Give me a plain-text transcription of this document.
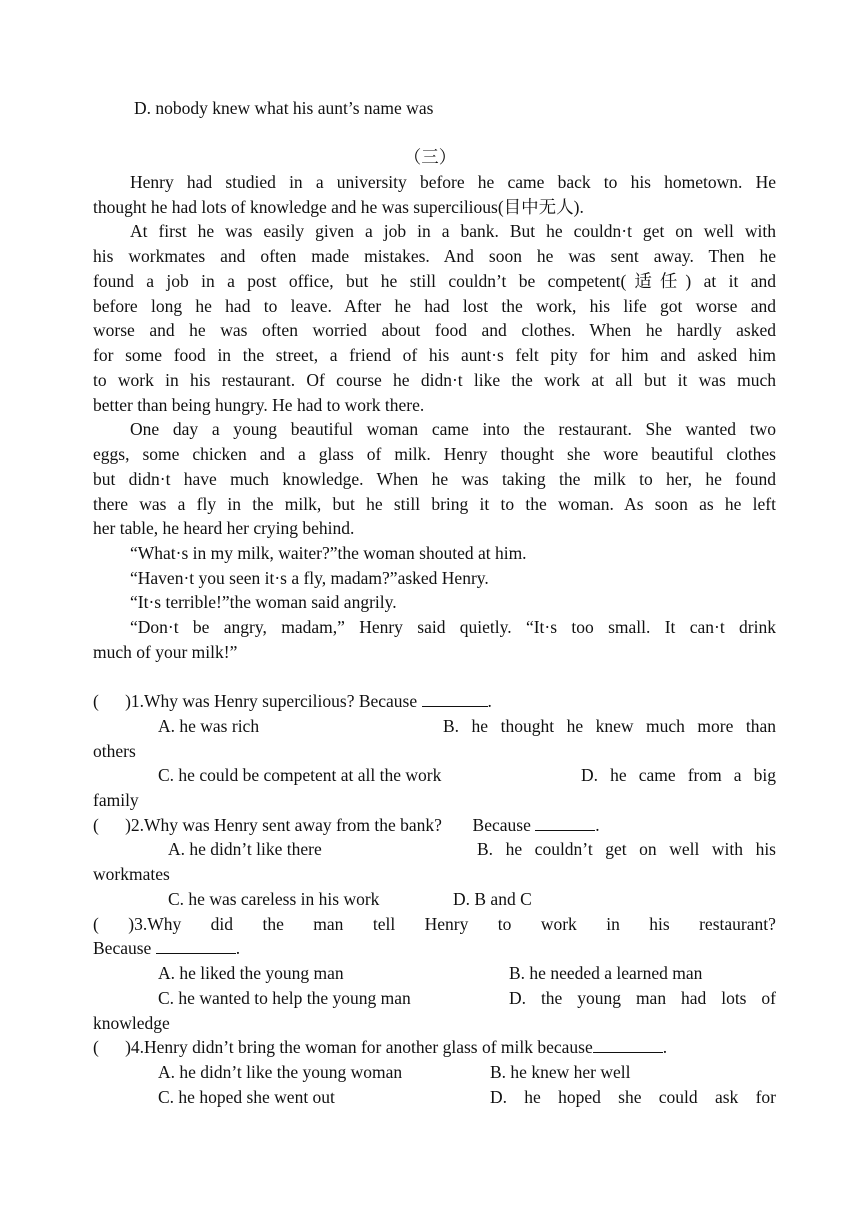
D. nobody knew what his aunt’s name was
（三）
Henry had studied in a university before he came back to his hometown. He
thought he had lots of knowledge and he was supercilious(目中无人).
At first he was easily given a job in a bank. But he couldn·t get on well with
his workmates and often made mistakes. And soon he was sent away. Then he
found a job in a post office, but he still couldn’t be competent(适任) at it and
before long he had to leave. After he had lost the work, his life got worse and
worse and he was often worried about food and clothes. When he hardly asked
for some food in the street, a friend of his aunt·s felt pity for him and asked him
to work in his restaurant. Of course he didn·t like the work at all but it was much
better than being hungry. He had to work there.
One day a young beautiful woman came into the restaurant. She wanted two
eggs, some chicken and a glass of milk. Henry thought she wore beautiful clothes
but didn·t have much knowledge. When he was taking the milk to her, he found
there was a fly in the milk, but he still bring it to the woman. As soon as he left
her table, he heard her crying behind.
“What·s in my milk, waiter?”the woman shouted at him.
“Haven·t you seen it·s a fly, madam?”asked Henry.
“It·s terrible!”the woman said angrily.
“Don·t be angry, madam,” Henry said quietly. “It·s too small. It can·t drink
much of your milk!”
(      )1.Why was Henry supercilious? Because	.
A. he was rich	B. he thought he knew much more than
others
C. he could be competent at all the work	D. he came from a big
family
(      )2.Why was Henry sent away from the bank?       Because	.
A. he didn’t like there	B. he couldn’t get on well with his
workmates
C. he was careless in his work	D. B and C
( )3.Why did the man tell Henry to work in his restaurant?
Because	.
A. he liked the young man	B. he needed a learned man
C. he wanted to help the young man	D.  the  young  man  had  lots  of
knowledge
(      )4.Henry didn’t bring the woman for another glass of milk because	.
A. he didn’t like the young woman	B. he knew her well
C. he hoped she went out	D.  he  hoped  she  could  ask  for
